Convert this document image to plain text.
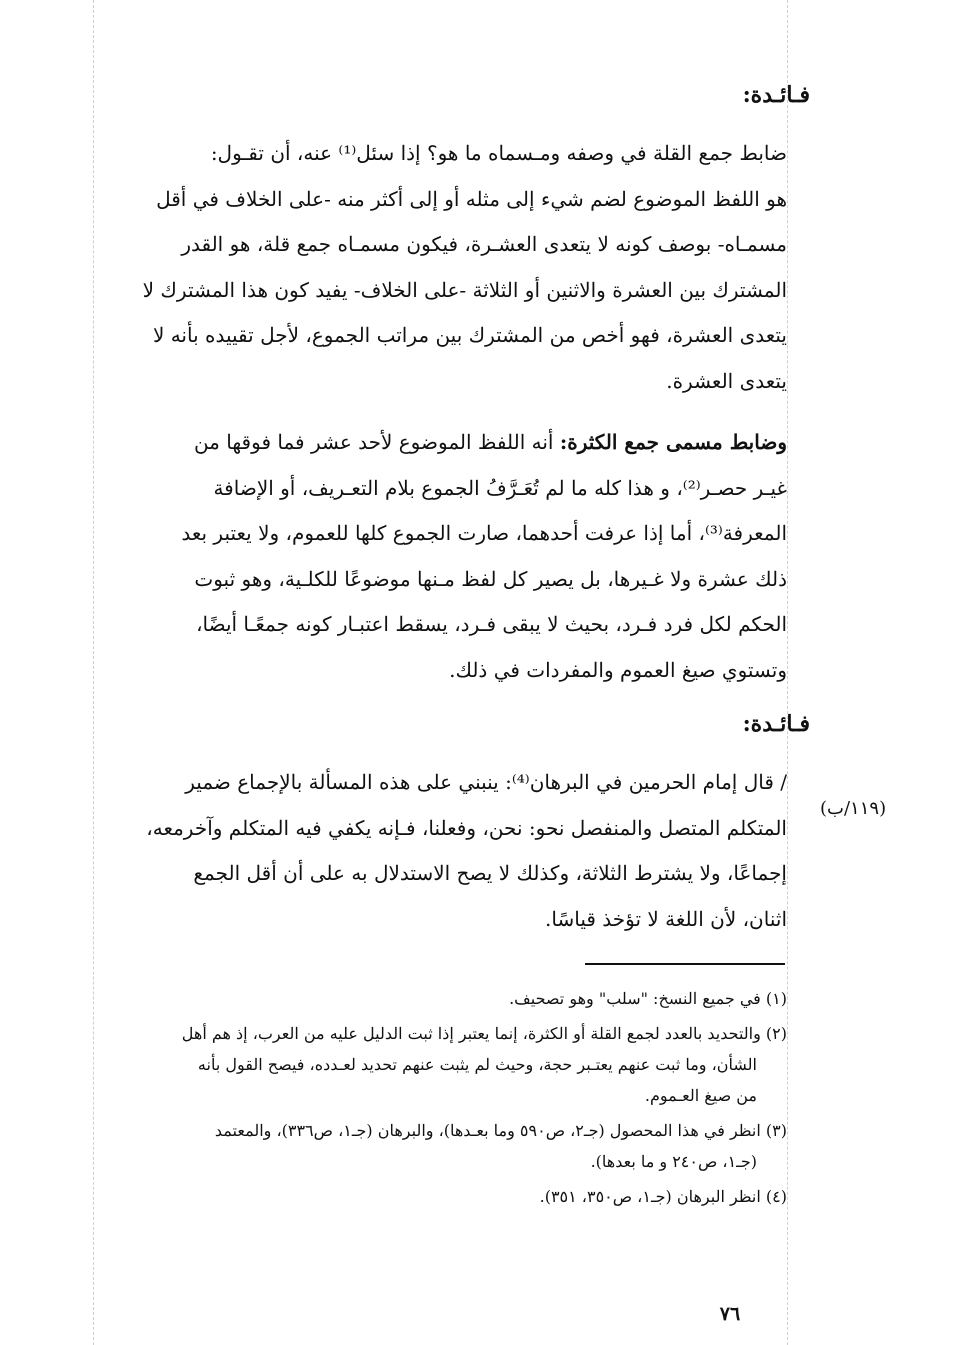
فـائـدة:
ضابط جمع القلة في وصفه ومـسماه ما هو؟ إذا سئل⁽¹⁾ عنه، أن تقـول:
هو اللفظ الموضوع لضم شيء إلى مثله أو إلى أكثر منه -على الخلاف في أقل
مسمـاه- بوصف كونه لا يتعدى العشـرة، فيكون مسمـاه جمع قلة، هو القدر
المشترك بين العشرة والاثنين أو الثلاثة -على الخلاف- يفيد كون هذا المشترك لا
يتعدى العشرة، فهو أخص من المشترك بين مراتب الجموع، لأجل تقييده بأنه لا
يتعدى العشرة.
وضابط مسمى جمع الكثرة: أنه اللفظ الموضوع لأحد عشر فما فوقها من
غيـر حصـر⁽²⁾، و هذا كله ما لم تُعَـرَّفُ الجموع بلام التعـريف، أو الإضافة
المعرفة⁽³⁾، أما إذا عرفت أحدهما، صارت الجموع كلها للعموم، ولا يعتبر بعد
ذلك عشرة ولا غـيرها، بل يصير كل لفظ مـنها موضوعًا للكلـية، وهو ثبوت
الحكم لكل فرد فـرد، بحيث لا يبقى فـرد، يسقط اعتبـار كونه جمعًـا أيضًا،
وتستوي صيغ العموم والمفردات في ذلك.
فـائـدة:
(١١٩/ب)
/ قال إمام الحرمين في البرهان⁽⁴⁾: ينبني على هذه المسألة بالإجماع ضمير
المتكلم المتصل والمنفصل نحو: نحن، وفعلنا، فـإنه يكفي فيه المتكلم وآخرمعه،
إجماعًا، ولا يشترط الثلاثة، وكذلك لا يصح الاستدلال به على أن أقل الجمع
اثنان، لأن اللغة لا تؤخذ قياسًا.
(١) في جميع النسخ: "سلب" وهو تصحيف.
(٢) والتحديد بالعدد لجمع القلة أو الكثرة، إنما يعتبر إذا ثبت الدليل عليه من العرب، إذ هم أهل
الشأن، وما ثبت عنهم يعتـبر حجة، وحيث لم يثبت عنهم تحديد لعـدده، فيصح القول بأنه
من صيغ العـموم.
(٣) انظر في هذا المحصول (جـ٢، ص٥٩٠ وما بعـدها)، والبرهان (جـ١، ص٣٣٦)، والمعتمد
(جـ١، ص٢٤٠ و ما بعدها).
(٤) انظر البرهان (جـ١، ص٣٥٠، ٣٥١).
٧٦
